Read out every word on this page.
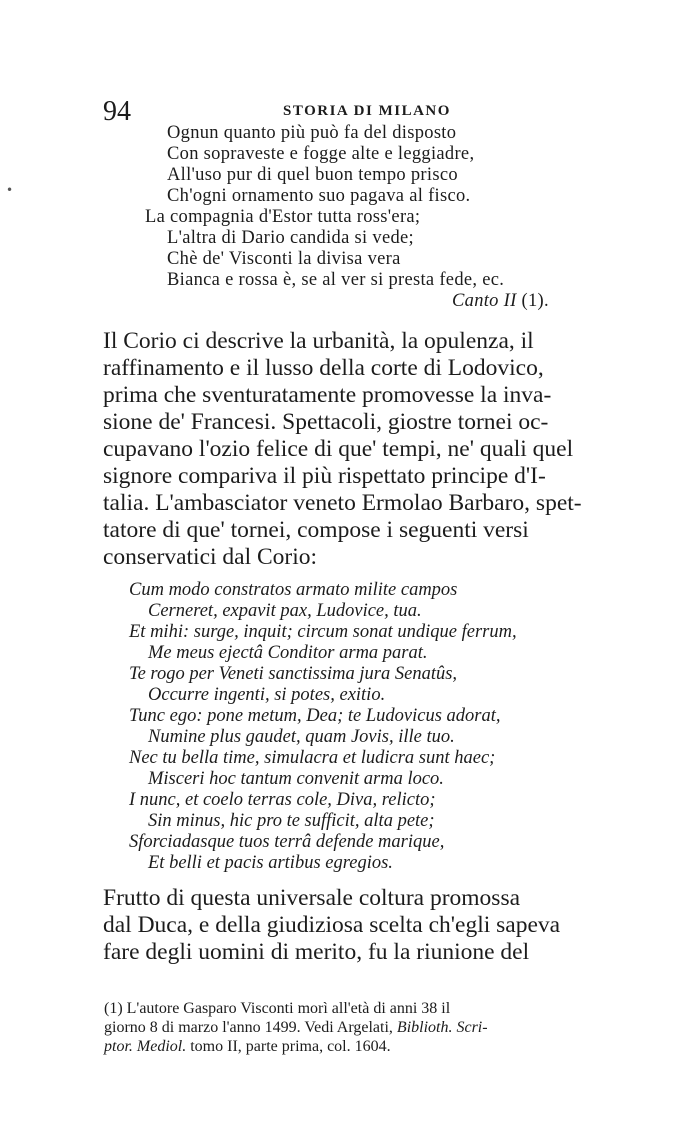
94	STORIA DI MILANO
Ognun quanto più può fa del disposto
Con sopraveste e fogge alte e leggiadre,
All'uso pur di quel buon tempo prisco
Ch'ogni ornamento suo pagava al fisco.
La compagnia d'Estor tutta ross'era;
L'altra di Dario candida si vede;
Chè de' Visconti la divisa vera
Bianca e rossa è, se al ver si presta fede, ec.
Canto II (1).
Il Corio ci descrive la urbanità, la opulenza, il
raffinamento e il lusso della corte di Lodovico,
prima che sventuratamente promovesse la inva-
sione de' Francesi. Spettacoli, giostre tornei oc-
cupavano l'ozio felice di que' tempi, ne' quali quel
signore compariva il più rispettato principe d'I-
talia. L'ambasciator veneto Ermolao Barbaro, spet-
tatore di que' tornei, compose i seguenti versi
conservatici dal Corio:
Cum modo constratos armato milite campos
Cerneret, expavit pax, Ludovice, tua.
Et mihi: surge, inquit; circum sonat undique ferrum,
Me meus ejectâ Conditor arma parat.
Te rogo per Veneti sanctissima jura Senatûs,
Occurre ingenti, si potes, exitio.
Tunc ego: pone metum, Dea; te Ludovicus adorat,
Numine plus gaudet, quam Jovis, ille tuo.
Nec tu bella time, simulacra et ludicra sunt haec;
Misceri hoc tantum convenit arma loco.
I nunc, et coelo terras cole, Diva, relicto;
Sin minus, hic pro te sufficit, alta pete;
Sforciadasque tuos terrâ defende marique,
Et belli et pacis artibus egregios.
Frutto di questa universale coltura promossa
dal Duca, e della giudiziosa scelta ch'egli sapeva
fare degli uomini di merito, fu la riunione del
(1) L'autore Gasparo Visconti morì all'età di anni 38 il
giorno 8 di marzo l'anno 1499. Vedi Argelati, Biblioth. Scri-
ptor. Mediol. tomo II, parte prima, col. 1604.
•
